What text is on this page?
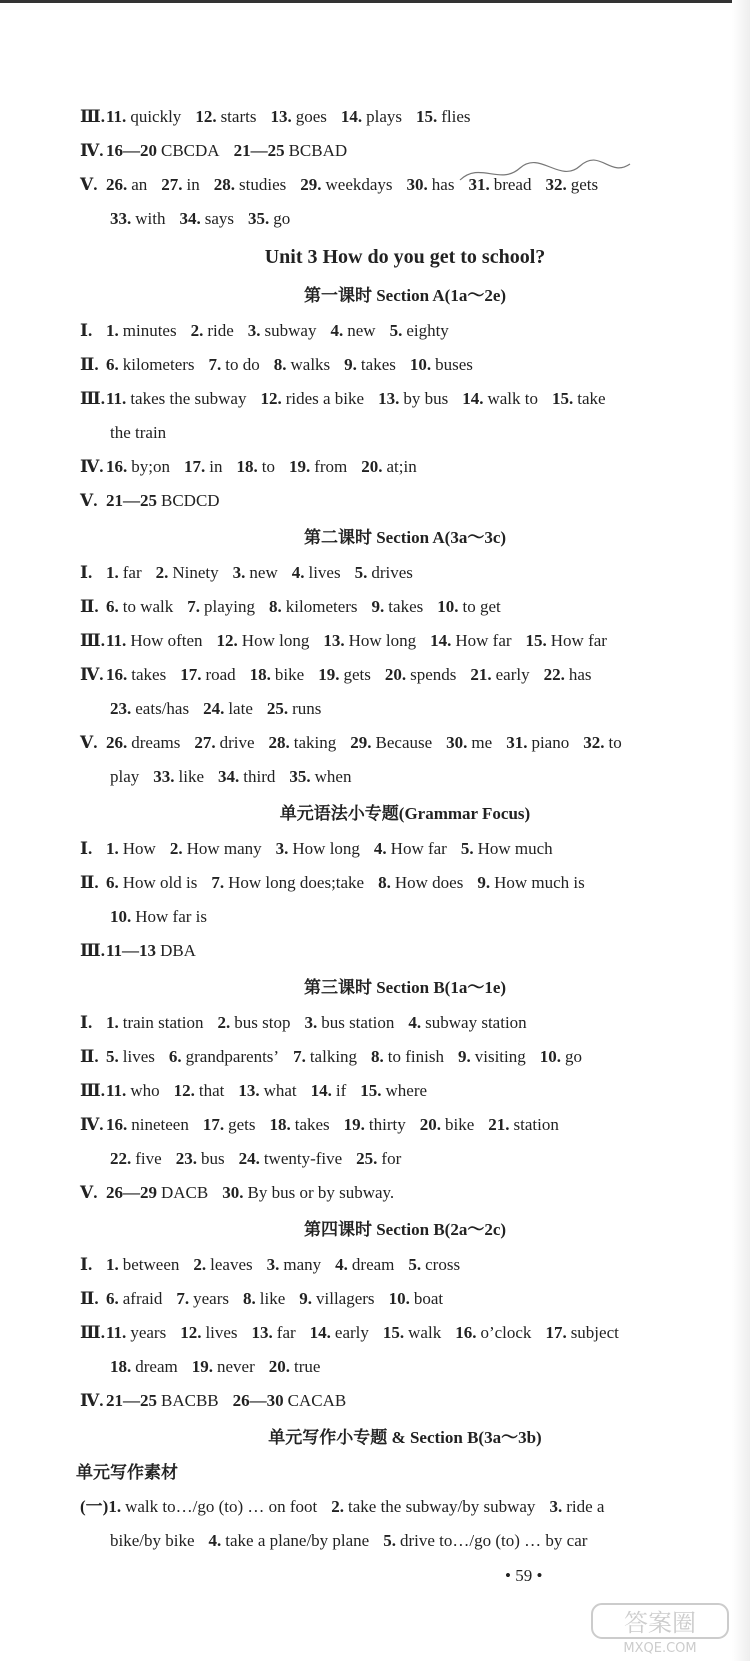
Ⅲ.11. quickly 12. starts 13. goes 14. plays 15. flies
Ⅳ. 16—20 CBCDA 21—25 BCBAD
Ⅴ. 26. an 27. in 28. studies 29. weekdays 30. has 31. bread 32. gets
33. with 34. says 35. go
Unit 3 How do you get to school?
第一课时 Section A(1a～2e)
Ⅰ. 1. minutes 2. ride 3. subway 4. new 5. eighty
Ⅱ. 6. kilometers 7. to do 8. walks 9. takes 10. buses
Ⅲ.11. takes the subway 12. rides a bike 13. by bus 14. walk to 15. take
the train
Ⅳ. 16. by;on 17. in 18. to 19. from 20. at;in
Ⅴ. 21—25 BCDCD
第二课时 Section A(3a～3c)
Ⅰ. 1. far 2. Ninety 3. new 4. lives 5. drives
Ⅱ. 6. to walk 7. playing 8. kilometers 9. takes 10. to get
Ⅲ.11. How often 12. How long 13. How long 14. How far 15. How far
Ⅳ. 16. takes 17. road 18. bike 19. gets 20. spends 21. early 22. has
23. eats/has 24. late 25. runs
Ⅴ. 26. dreams 27. drive 28. taking 29. Because 30. me 31. piano 32. to
play 33. like 34. third 35. when
单元语法小专题(Grammar Focus)
Ⅰ. 1. How 2. How many 3. How long 4. How far 5. How much
Ⅱ. 6. How old is 7. How long does;take 8. How does 9. How much is
10. How far is
Ⅲ.11—13 DBA
第三课时 Section B(1a～1e)
Ⅰ. 1. train station 2. bus stop 3. bus station 4. subway station
Ⅱ. 5. lives 6. grandparents’ 7. talking 8. to finish 9. visiting 10. go
Ⅲ.11. who 12. that 13. what 14. if 15. where
Ⅳ. 16. nineteen 17. gets 18. takes 19. thirty 20. bike 21. station
22. five 23. bus 24. twenty-five 25. for
Ⅴ. 26—29 DACB 30. By bus or by subway.
第四课时 Section B(2a～2c)
Ⅰ. 1. between 2. leaves 3. many 4. dream 5. cross
Ⅱ. 6. afraid 7. years 8. like 9. villagers 10. boat
Ⅲ.11. years 12. lives 13. far 14. early 15. walk 16. o’clock 17. subject
18. dream 19. never 20. true
Ⅳ. 21—25 BACBB 26—30 CACAB
单元写作小专题 & Section B(3a～3b)
单元写作素材
(一)1. walk to…/go (to) … on foot 2. take the subway/by subway 3. ride a
bike/by bike 4. take a plane/by plane 5. drive to…/go (to) … by car
• 59 •
答案圈
MXQE.COM
